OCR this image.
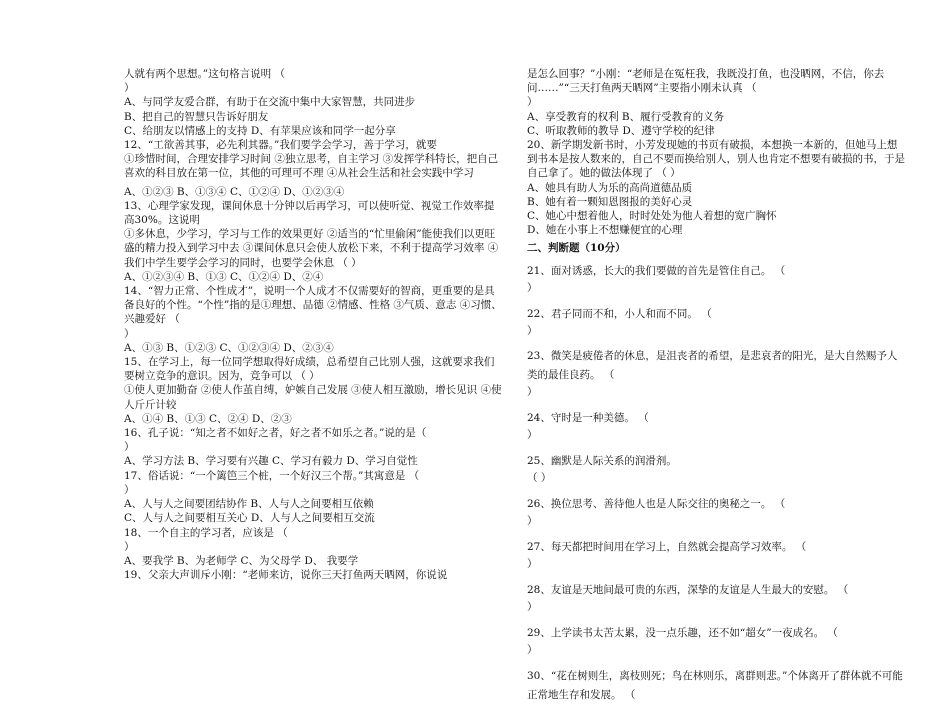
人就有两个思想。”这句格言说明 （
）
A、与同学友爱合群，有助于在交流中集中大家智慧，共同进步
B、把自己的智慧只告诉好朋友
C、给朋友以情感上的支持 D、有苹果应该和同学一起分享
12、“工欲善其事，必先利其器。”我们要学会学习，善于学习，就要
①珍惜时间，合理安排学习时间 ②独立思考，自主学习 ③发挥学科特长，把自己喜欢的科目放在第一位，其他的可理可不理 ④从社会生活和社会实践中学习
A、①②③ B、①③④ C、①②④ D、①②③④
13、心理学家发现，课间休息十分钟以后再学习，可以使听觉、视觉工作效率提高30%。这说明
①多休息，少学习，学习与工作的效果更好 ②适当的“忙里偷闲”能使我们以更旺盛的精力投入到学习中去 ③课间休息只会使人放松下来，不利于提高学习效率 ④我们中学生要学会学习的同时，也要学会休息 （ ）
A、①②③④ B、①③ C、①②④ D、②④
14、“智力正常、个性成才”，说明一个人成才不仅需要好的智商，更重要的是具备良好的个性。“个性”指的是①理想、品德 ②情感、性格 ③气质、意志 ④习惯、兴趣爱好 （
）
A、①③ B、①②③ C、①②③④ D、②③④
15、在学习上，每一位同学想取得好成绩，总希望自己比别人强，这就要求我们要树立竞争的意识。因为，竞争可以 （ ）
①使人更加勤奋 ②使人作茧自缚，妒嫉自己发展 ③使人相互激励，增长见识 ④使人斤斤计较
A、①④ B、①③ C、②④ D、②③
16、孔子说：“知之者不如好之者，好之者不如乐之者。”说的是（
）
A、学习方法 B、学习要有兴趣 C、学习有毅力 D、学习自觉性
17、俗话说：“一个篱笆三个桩，一个好汉三个帮。”其寓意是 （
）
A、人与人之间要团结协作 B、人与人之间要相互依赖
C、人与人之间要相互关心 D、人与人之间要相互交流
18、一个自主的学习者，应该是 （
）
A、要我学 B、为老师学 C、为父母学 D、 我要学
19、父亲大声训斥小刚：“老师来访，说你三天打鱼两天晒网，你说说
是怎么回事？”小刚：“老师是在冤枉我，我既没打鱼，也没晒网，不信，你去问……”“三天打鱼两天晒网”主要指小刚未认真 （
）
A、享受教育的权利 B、履行受教育的义务
C、听取教师的教导 D、遵守学校的纪律
20、新学期发新书时，小芳发现她的书页有破损，本想换一本新的，但她马上想到书本是按人数来的，自己不要而换给别人，别人也肯定不想要有破损的书，于是自己拿了。她的做法体现了 （ ）
A、她具有助人为乐的高尚道德品质
B、她有着一颗知恩图报的美好心灵
C、她心中想着他人，时时处处为他人着想的宽广胸怀
D、她在小事上不想赚便宜的心理
二、判断题（10分）
21、面对诱惑，长大的我们要做的首先是管住自己。 （
）
22、君子同而不和，小人和而不同。 （
）
23、微笑是疲倦者的休息，是沮丧者的希望，是悲哀者的阳光，是大自然赐予人类的最佳良药。 （
）
24、守时是一种美德。 （
）
25、幽默是人际关系的润滑剂。
（ ）
26、换位思考、善待他人也是人际交往的奥秘之一。 （
）
27、每天都把时间用在学习上，自然就会提高学习效率。 （
）
28、友谊是天地间最可贵的东西，深挚的友谊是人生最大的安慰。 （
）
29、上学读书太苦太累，没一点乐趣，还不如“超女”一夜成名。 （
）
30、“花在树则生，离枝则死；鸟在林则乐，离群则悲。”个体离开了群体就不可能正常地生存和发展。 （
